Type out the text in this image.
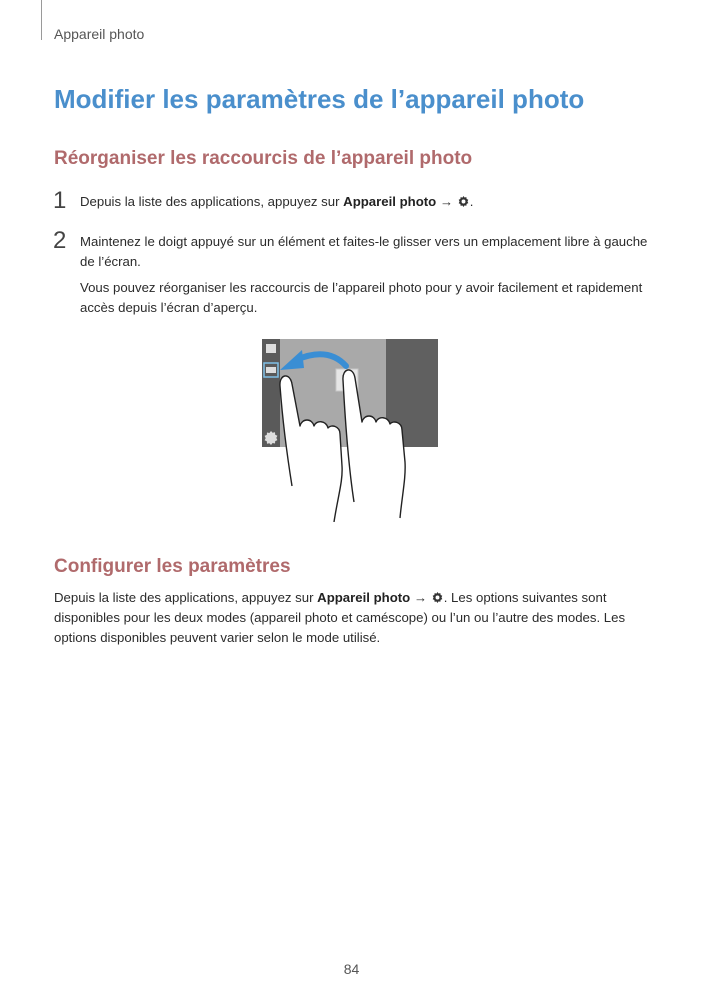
Appareil photo
Modifier les paramètres de l’appareil photo
Réorganiser les raccourcis de l’appareil photo
1 Depuis la liste des applications, appuyez sur Appareil photo → .
2 Maintenez le doigt appuyé sur un élément et faites-le glisser vers un emplacement libre à gauche de l’écran.
Vous pouvez réorganiser les raccourcis de l’appareil photo pour y avoir facilement et rapidement accès depuis l’écran d’aperçu.
Configurer les paramètres

Depuis la liste des applications, appuyez sur Appareil photo → . Les options suivantes sont disponibles pour les deux modes (appareil photo et caméscope) ou l’un ou l’autre des modes. Les options disponibles peuvent varier selon le mode utilisé.

84
